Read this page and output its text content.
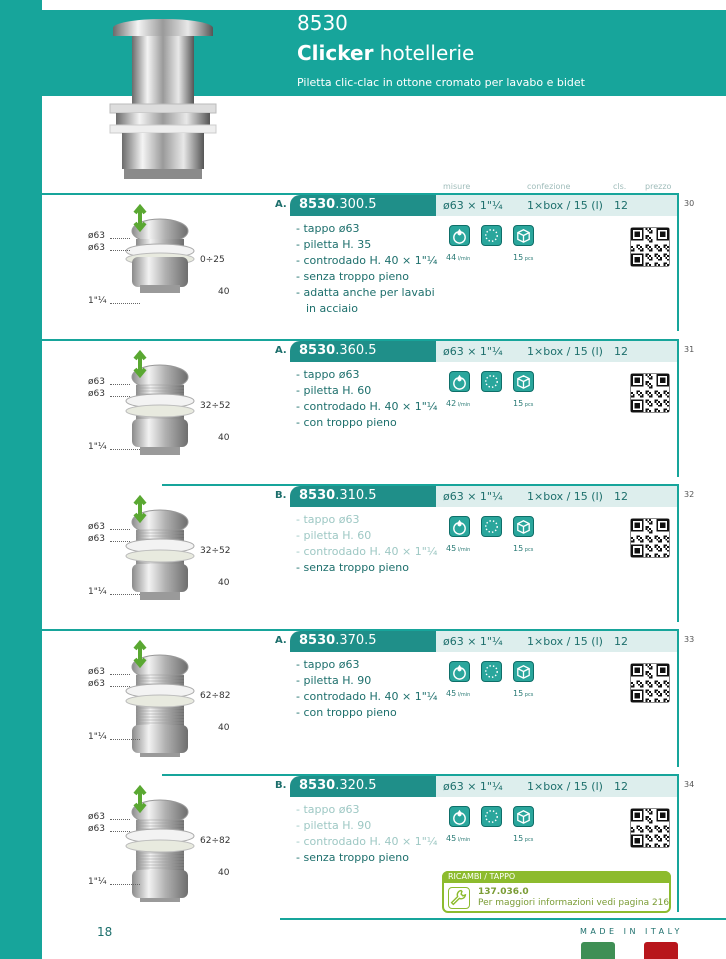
8530
Clicker hotellerie
Piletta clic-clac in ottone cromato per lavabo e bidet
misure	confezione	cls. prezzo
ø63
ø63
1"¼
0÷25
40
A. 8530.300.5	ø63 × 1"¼ 1×box / 15 (l) 12	30
- tappo ø63
- piletta H. 35
- controdado H. 40 × 1"¼
- senza troppo pieno
- adatta anche per lavabi in acciaio
44 l/min	15 pcs
ø63
ø63
1"¼
32÷52
40
A. 8530.360.5	ø63 × 1"¼ 1×box / 15 (l) 12	31
- tappo ø63
- piletta H. 60
- controdado H. 40 × 1"¼
- con troppo pieno
42 l/min	15 pcs
ø63
ø63
1"¼
32÷52
40
B. 8530.310.5	ø63 × 1"¼ 1×box / 15 (l) 12	32
- tappo ø63
- piletta H. 60
- controdado H. 40 × 1"¼
- senza troppo pieno
45 l/min	15 pcs
ø63
ø63
1"¼
62÷82
40
A. 8530.370.5	ø63 × 1"¼ 1×box / 15 (l) 12	33
- tappo ø63
- piletta H. 90
- controdado H. 40 × 1"¼
- con troppo pieno
45 l/min	15 pcs
ø63
ø63
1"¼
62÷82
40
B. 8530.320.5	ø63 × 1"¼ 1×box / 15 (l) 12	34
- tappo ø63
- piletta H. 90
- controdado H. 40 × 1"¼
- senza troppo pieno
45 l/min	15 pcs
RICAMBI / TAPPO
137.036.0
Per maggiori informazioni vedi pagina 216
18	MADE IN ITALY
